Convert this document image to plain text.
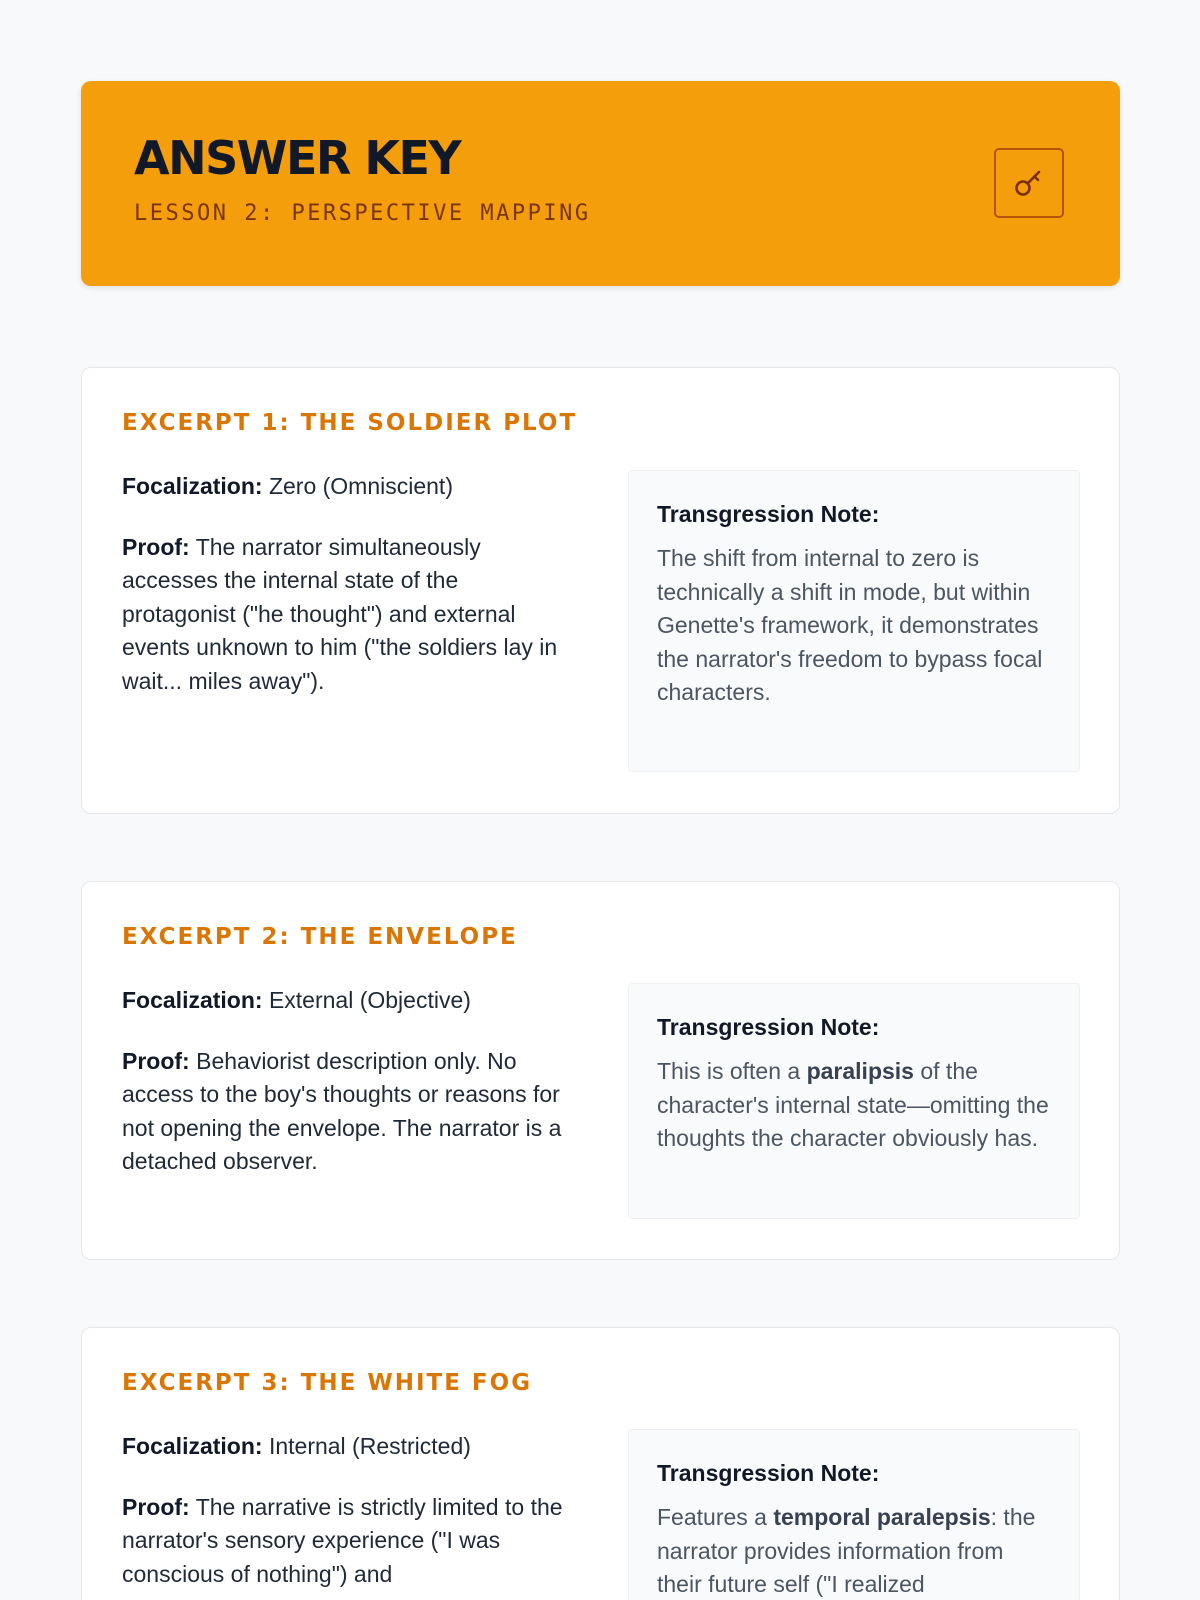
ANSWER KEY
LESSON 2: PERSPECTIVE MAPPING
EXCERPT 1: THE SOLDIER PLOT

Focalization: Zero (Omniscient)

Proof: The narrator simultaneously accesses the internal state of the protagonist ("he thought") and external events unknown to him ("the soldiers lay in wait... miles away").

Transgression Note:

The shift from internal to zero is technically a shift in mode, but within Genette's framework, it demonstrates the narrator's freedom to bypass focal characters.

EXCERPT 2: THE ENVELOPE

Focalization: External (Objective)

Proof: Behaviorist description only. No access to the boy's thoughts or reasons for not opening the envelope. The narrator is a detached observer.

Transgression Note:

This is often a paralipsis of the character's internal state—omitting the thoughts the character obviously has.

EXCERPT 3: THE WHITE FOG

Focalization: Internal (Restricted)

Proof: The narrative is strictly limited to the narrator's sensory experience ("I was conscious of nothing") and

Transgression Note:

Features a temporal paralepsis: the narrator provides information from their future self ("I realized
